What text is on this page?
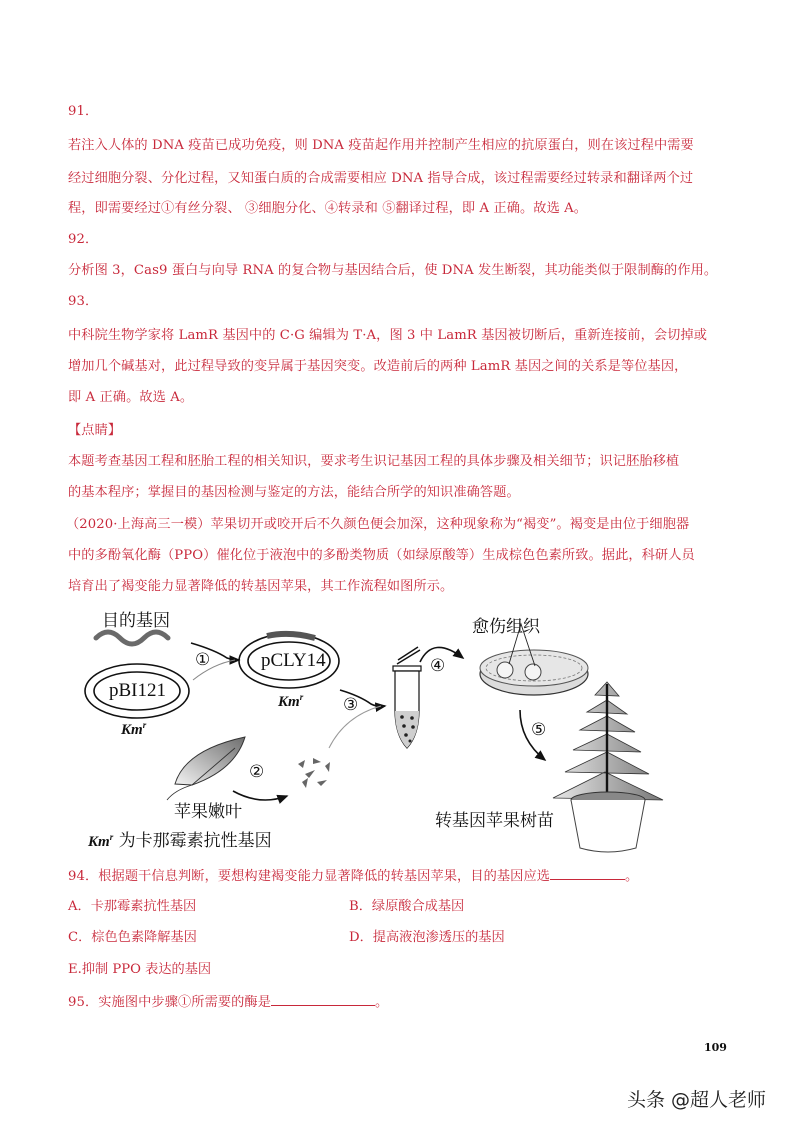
91．
若注入人体的 DNA 疫苗已成功免疫，则 DNA 疫苗起作用并控制产生相应的抗原蛋白，则在该过程中需要
经过细胞分裂、分化过程，又知蛋白质的合成需要相应 DNA 指导合成，该过程需要经过转录和翻译两个过
程，即需要经过①有丝分裂、 ③细胞分化、④转录和 ⑤翻译过程，即 A 正确。故选 A。
92．
分析图 3，Cas9 蛋白与向导 RNA 的复合物与基因结合后，使 DNA 发生断裂，其功能类似于限制酶的作用。
93．
中科院生物学家将 LamR 基因中的 C·G 编辑为 T·A，图 3 中 LamR 基因被切断后，重新连接前，会切掉或
增加几个碱基对，此过程导致的变异属于基因突变。改造前后的两种 LamR 基因之间的关系是等位基因，
即 A 正确。故选 A。
【点睛】
本题考查基因工程和胚胎工程的相关知识，要求考生识记基因工程的具体步骤及相关细节；识记胚胎移植
的基本程序；掌握目的基因检测与鉴定的方法，能结合所学的知识准确答题。
（2020·上海高三一模）苹果切开或咬开后不久颜色便会加深，这种现象称为“褐变”。褐变是由位于细胞器
中的多酚氧化酶（PPO）催化位于液泡中的多酚类物质（如绿原酸等）生成棕色色素所致。据此，科研人员
培育出了褐变能力显著降低的转基因苹果，其工作流程如图所示。
目的基因
pBI121
pCLY14
Km$^r$
Km$^r$
①
②
③
④
⑤
愈伤组织
苹果嫩叶	转基因苹果树苗
Km$^r$ 为卡那霉素抗性基因
94．根据题干信息判断，要想构建褐变能力显著降低的转基因苹果，目的基因应选	。
A．卡那霉素抗性基因	B．绿原酸合成基因
C．棕色色素降解基因	D．提高液泡渗透压的基因
E.抑制 PPO 表达的基因
95．实施图中步骤①所需要的酶是	。
109
头条 @超人老师
